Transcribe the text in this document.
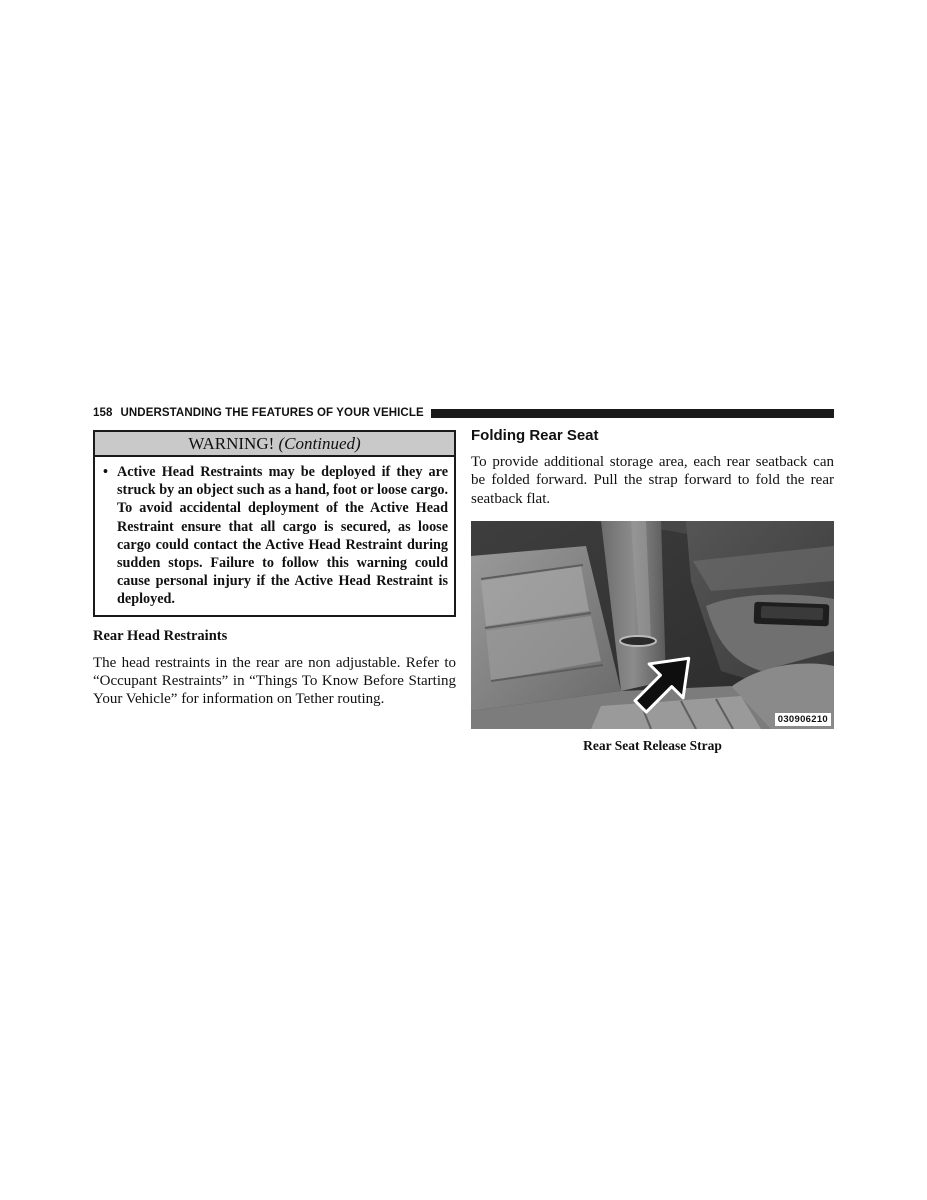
158 UNDERSTANDING THE FEATURES OF YOUR VEHICLE
WARNING! (Continued)
• Active Head Restraints may be deployed if they are struck by an object such as a hand, foot or loose cargo. To avoid accidental deployment of the Active Head Restraint ensure that all cargo is secured, as loose cargo could contact the Active Head Restraint during sudden stops. Failure to follow this warning could cause personal injury if the Active Head Restraint is deployed.
Rear Head Restraints

The head restraints in the rear are non adjustable. Refer to “Occupant Restraints” in “Things To Know Before Starting Your Vehicle” for information on Tether routing.

Folding Rear Seat

To provide additional storage area, each rear seatback can be folded forward. Pull the strap forward to fold the rear seatback flat.

030906210
Rear Seat Release Strap
